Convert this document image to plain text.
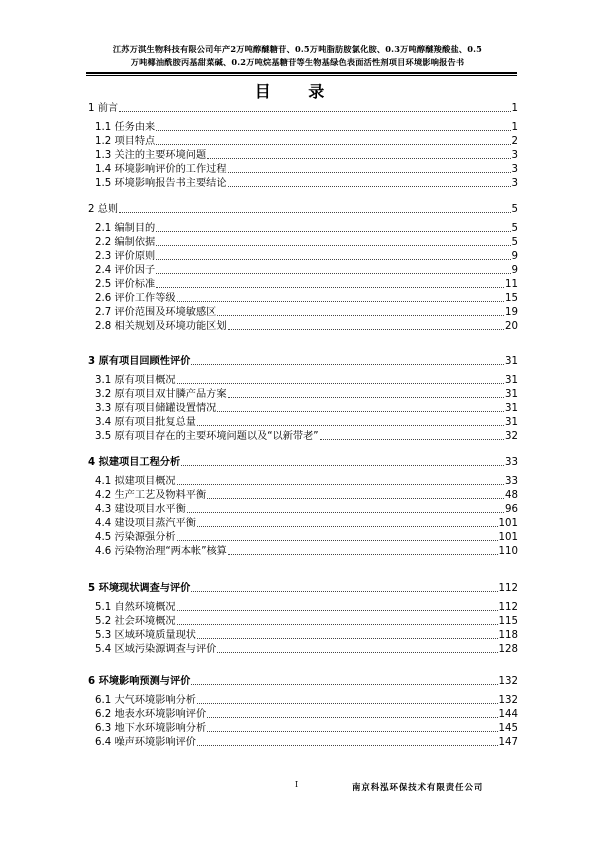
江苏万淇生物科技有限公司年产2万吨醇醚糖苷、0.5万吨脂肪胺氯化胺、0.3万吨醇醚羧酸盐、0.5
万吨椰油酰胺丙基甜菜碱、0.2万吨烷基糖苷等生物基绿色表面活性剂项目环境影响报告书
目 录
1 前言	1
1.1 任务由来	1
1.2 项目特点	2
1.3 关注的主要环境问题	3
1.4 环境影响评价的工作过程	3
1.5 环境影响报告书主要结论	3
2 总则	5
2.1 编制目的	5
2.2 编制依据	5
2.3 评价原则	9
2.4 评价因子	9
2.5 评价标准	11
2.6 评价工作等级	15
2.7 评价范围及环境敏感区	19
2.8 相关规划及环境功能区划	20
3 原有项目回顾性评价	31
3.1 原有项目概况	31
3.2 原有项目双甘膦产品方案	31
3.3 原有项目储罐设置情况	31
3.4 原有项目批复总量	31
3.5 原有项目存在的主要环境问题以及“以新带老”	32
4 拟建项目工程分析	33
4.1 拟建项目概况	33
4.2 生产工艺及物料平衡	48
4.3 建设项目水平衡	96
4.4 建设项目蒸汽平衡	101
4.5 污染源强分析	101
4.6 污染物治理“两本帐”核算	110
5 环境现状调查与评价	112
5.1 自然环境概况	112
5.2 社会环境概况	115
5.3 区域环境质量现状	118
5.4 区域污染源调查与评价	128
6 环境影响预测与评价	132
6.1 大气环境影响分析	132
6.2 地表水环境影响评价	144
6.3 地下水环境影响分析	145
6.4 噪声环境影响评价	147
I	南京科泓环保技术有限责任公司
